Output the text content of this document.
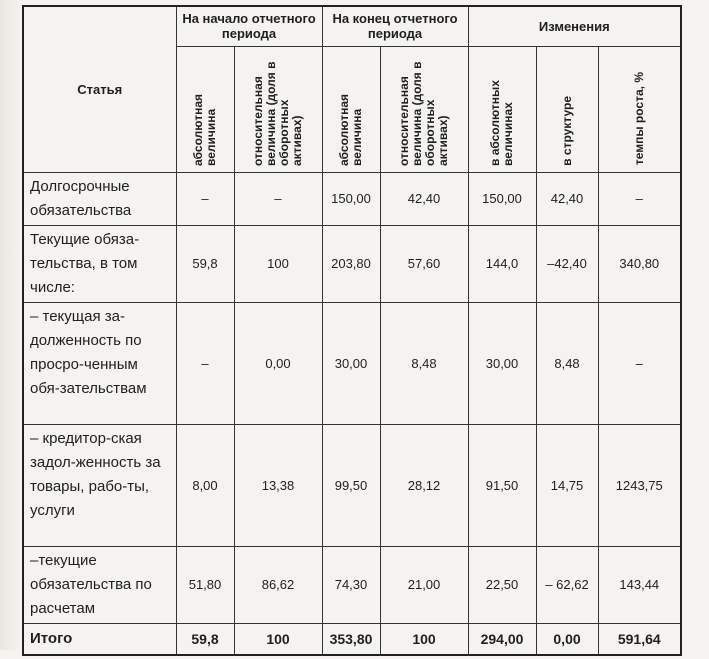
Статья	На начало отчетного периода		На конец отчетного периода		Изменения		

	абсолютная величина	относительная величина (доля в оборотных активах)	абсолютная величина	относительная величина (доля в оборотных активах)	в абсолютных величинах	в структуре	темпы роста, %

Долгосрочные обязательства	–	–	150,00	42,40	150,00	42,40	–
Текущие обяза-тельства, в том числе:	59,8	100	203,80	57,60	144,0	–42,40	340,80
– текущая за-долженность по просро-ченным обя-зательствам	–	0,00	30,00	8,48	30,00	8,48	–
– кредитор-ская задол-женность за товары, рабо-ты, услуги	8,00	13,38	99,50	28,12	91,50	14,75	1243,75
–текущие обязательства по расчетам	51,80	86,62	74,30	21,00	22,50	– 62,62	143,44
Итого	59,8	100	353,80	100	294,00	0,00	591,64
